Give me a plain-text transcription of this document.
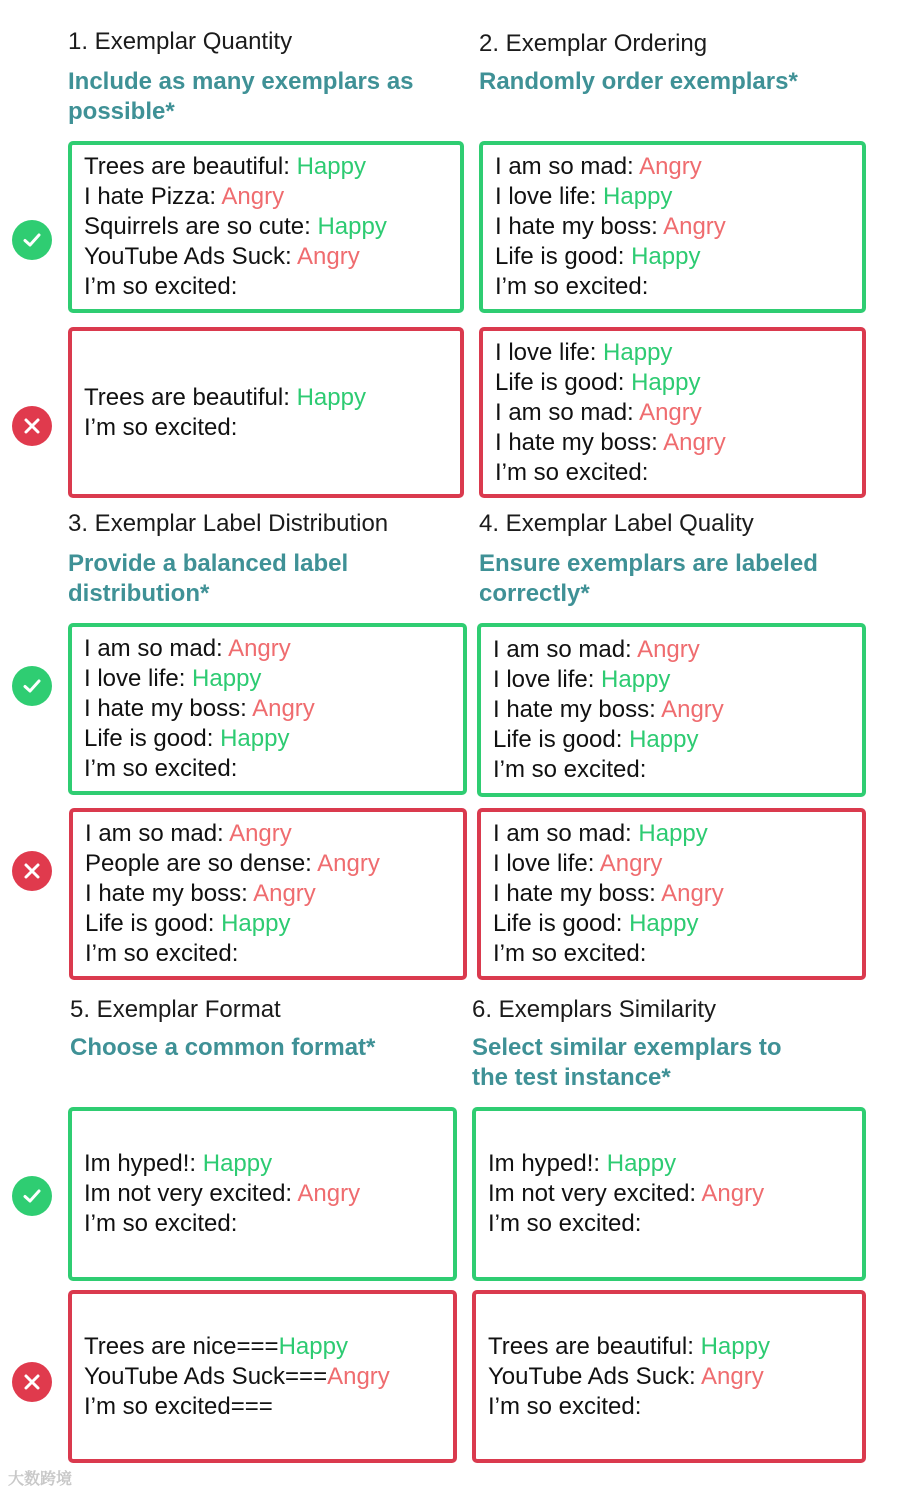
1. Exemplar Quantity

Include as many exemplars as possible*

Trees are beautiful: Happy
I hate Pizza: Angry
Squirrels are so cute: Happy
YouTube Ads Suck: Angry
I’m so excited:
Trees are beautiful: Happy
I’m so excited:
2. Exemplar Ordering

Randomly order exemplars*

I am so mad: Angry
I love life: Happy
I hate my boss: Angry
Life is good: Happy
I’m so excited:
I love life: Happy
Life is good: Happy
I am so mad: Angry
I hate my boss: Angry
I’m so excited:
3. Exemplar Label Distribution

Provide a balanced label distribution*

I am so mad: Angry
I love life: Happy
I hate my boss: Angry
Life is good: Happy
I’m so excited:
I am so mad: Angry
People are so dense: Angry
I hate my boss: Angry
Life is good: Happy
I’m so excited:
4. Exemplar Label Quality

Ensure exemplars are labeled correctly*

I am so mad: Angry
I love life: Happy
I hate my boss: Angry
Life is good: Happy
I’m so excited:
I am so mad: Happy
I love life: Angry
I hate my boss: Angry
Life is good: Happy
I’m so excited:
5. Exemplar Format

Choose a common format*

Im hyped!: Happy
Im not very excited: Angry
I’m so excited:
Trees are nice===Happy
YouTube Ads Suck===Angry
I’m so excited===
6. Exemplars Similarity

Select similar exemplars to the test instance*

Im hyped!: Happy
Im not very excited: Angry
I’m so excited:
Trees are beautiful: Happy
YouTube Ads Suck: Angry
I’m so excited:
大数跨境
